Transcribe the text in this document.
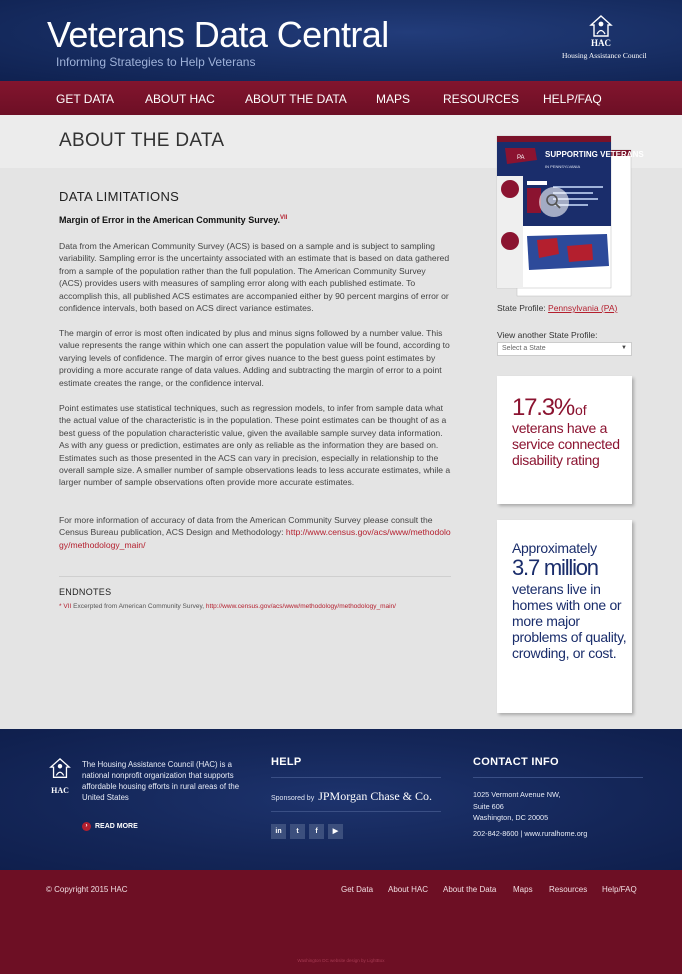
Veterans Data Central
Informing Strategies to Help Veterans
HAC
Housing Assistance Council
GET DATA	ABOUT HAC	ABOUT THE DATA MAPS	RESOURCES HELP/FAQ
ABOUT THE DATA
DATA LIMITATIONS
Margin of Error in the American Community Survey.$^{VII}$
Data from the American Community Survey (ACS) is based on a sample and is subject to sampling variability. Sampling error is the uncertainty associated with an estimate that is based on data gathered from a sample of the population rather than the full population. The American Community Survey (ACS) provides users with measures of sampling error along with each published estimate. To accomplish this, all published ACS estimates are accompanied either by 90 percent margins of error or confidence intervals, both based on ACS direct variance estimates.
The margin of error is most often indicated by plus and minus signs followed by a number value. This value represents the range within which one can assert the population value will be found, according to varying levels of confidence. The margin of error gives nuance to the best guess point estimates by providing a more accurate range of data values. Adding and subtracting the margin of error to a point estimate creates the range, or the confidence interval.
Point estimates use statistical techniques, such as regression models, to infer from sample data what the actual value of the characteristic is in the population. These point estimates can be thought of as a best guess of the population characteristic value, given the available sample survey data information. As with any guess or prediction, estimates are only as reliable as the information they are based on. Estimates such as those presented in the ACS can vary in precision, especially in relationship to the overall sample size. A smaller number of sample observations leads to less accurate estimates, while a larger number of sample observations often provide more accurate estimates.
For more information of accuracy of data from the American Community Survey please consult the Census Bureau publication, ACS Design and Methodology: http://www.census.gov/acs/www/methodology/methodology_main/
ENDNOTES
* VII Excerpted from American Community Survey, http://www.census.gov/acs/www/methodology/methodology_main/
PA	SUPPORTING VETERANS
IN PENNSYLVANIA
State Profile: Pennsylvania (PA)
View another State Profile:
Select a State	▼
17.3% of
veterans have a service connected disability rating
Approximately
3.7 million
veterans live in homes with one or more major problems of quality, crowding, or cost.
HAC
The Housing Assistance Council (HAC) is a national nonprofit organization that supports affordable housing efforts in rural areas of the United States
›	READ MORE
HELP
Sponsored by JPMorgan Chase & Co.
in	t	f	▶
CONTACT INFO
1025 Vermont Avenue NW,
Suite 606
Washington, DC 20005
202-842-8600 | www.ruralhome.org
© Copyright 2015 HAC	Get Data About HAC About the Data Maps Resources Help/FAQ
Washington DC website design by LightBox
